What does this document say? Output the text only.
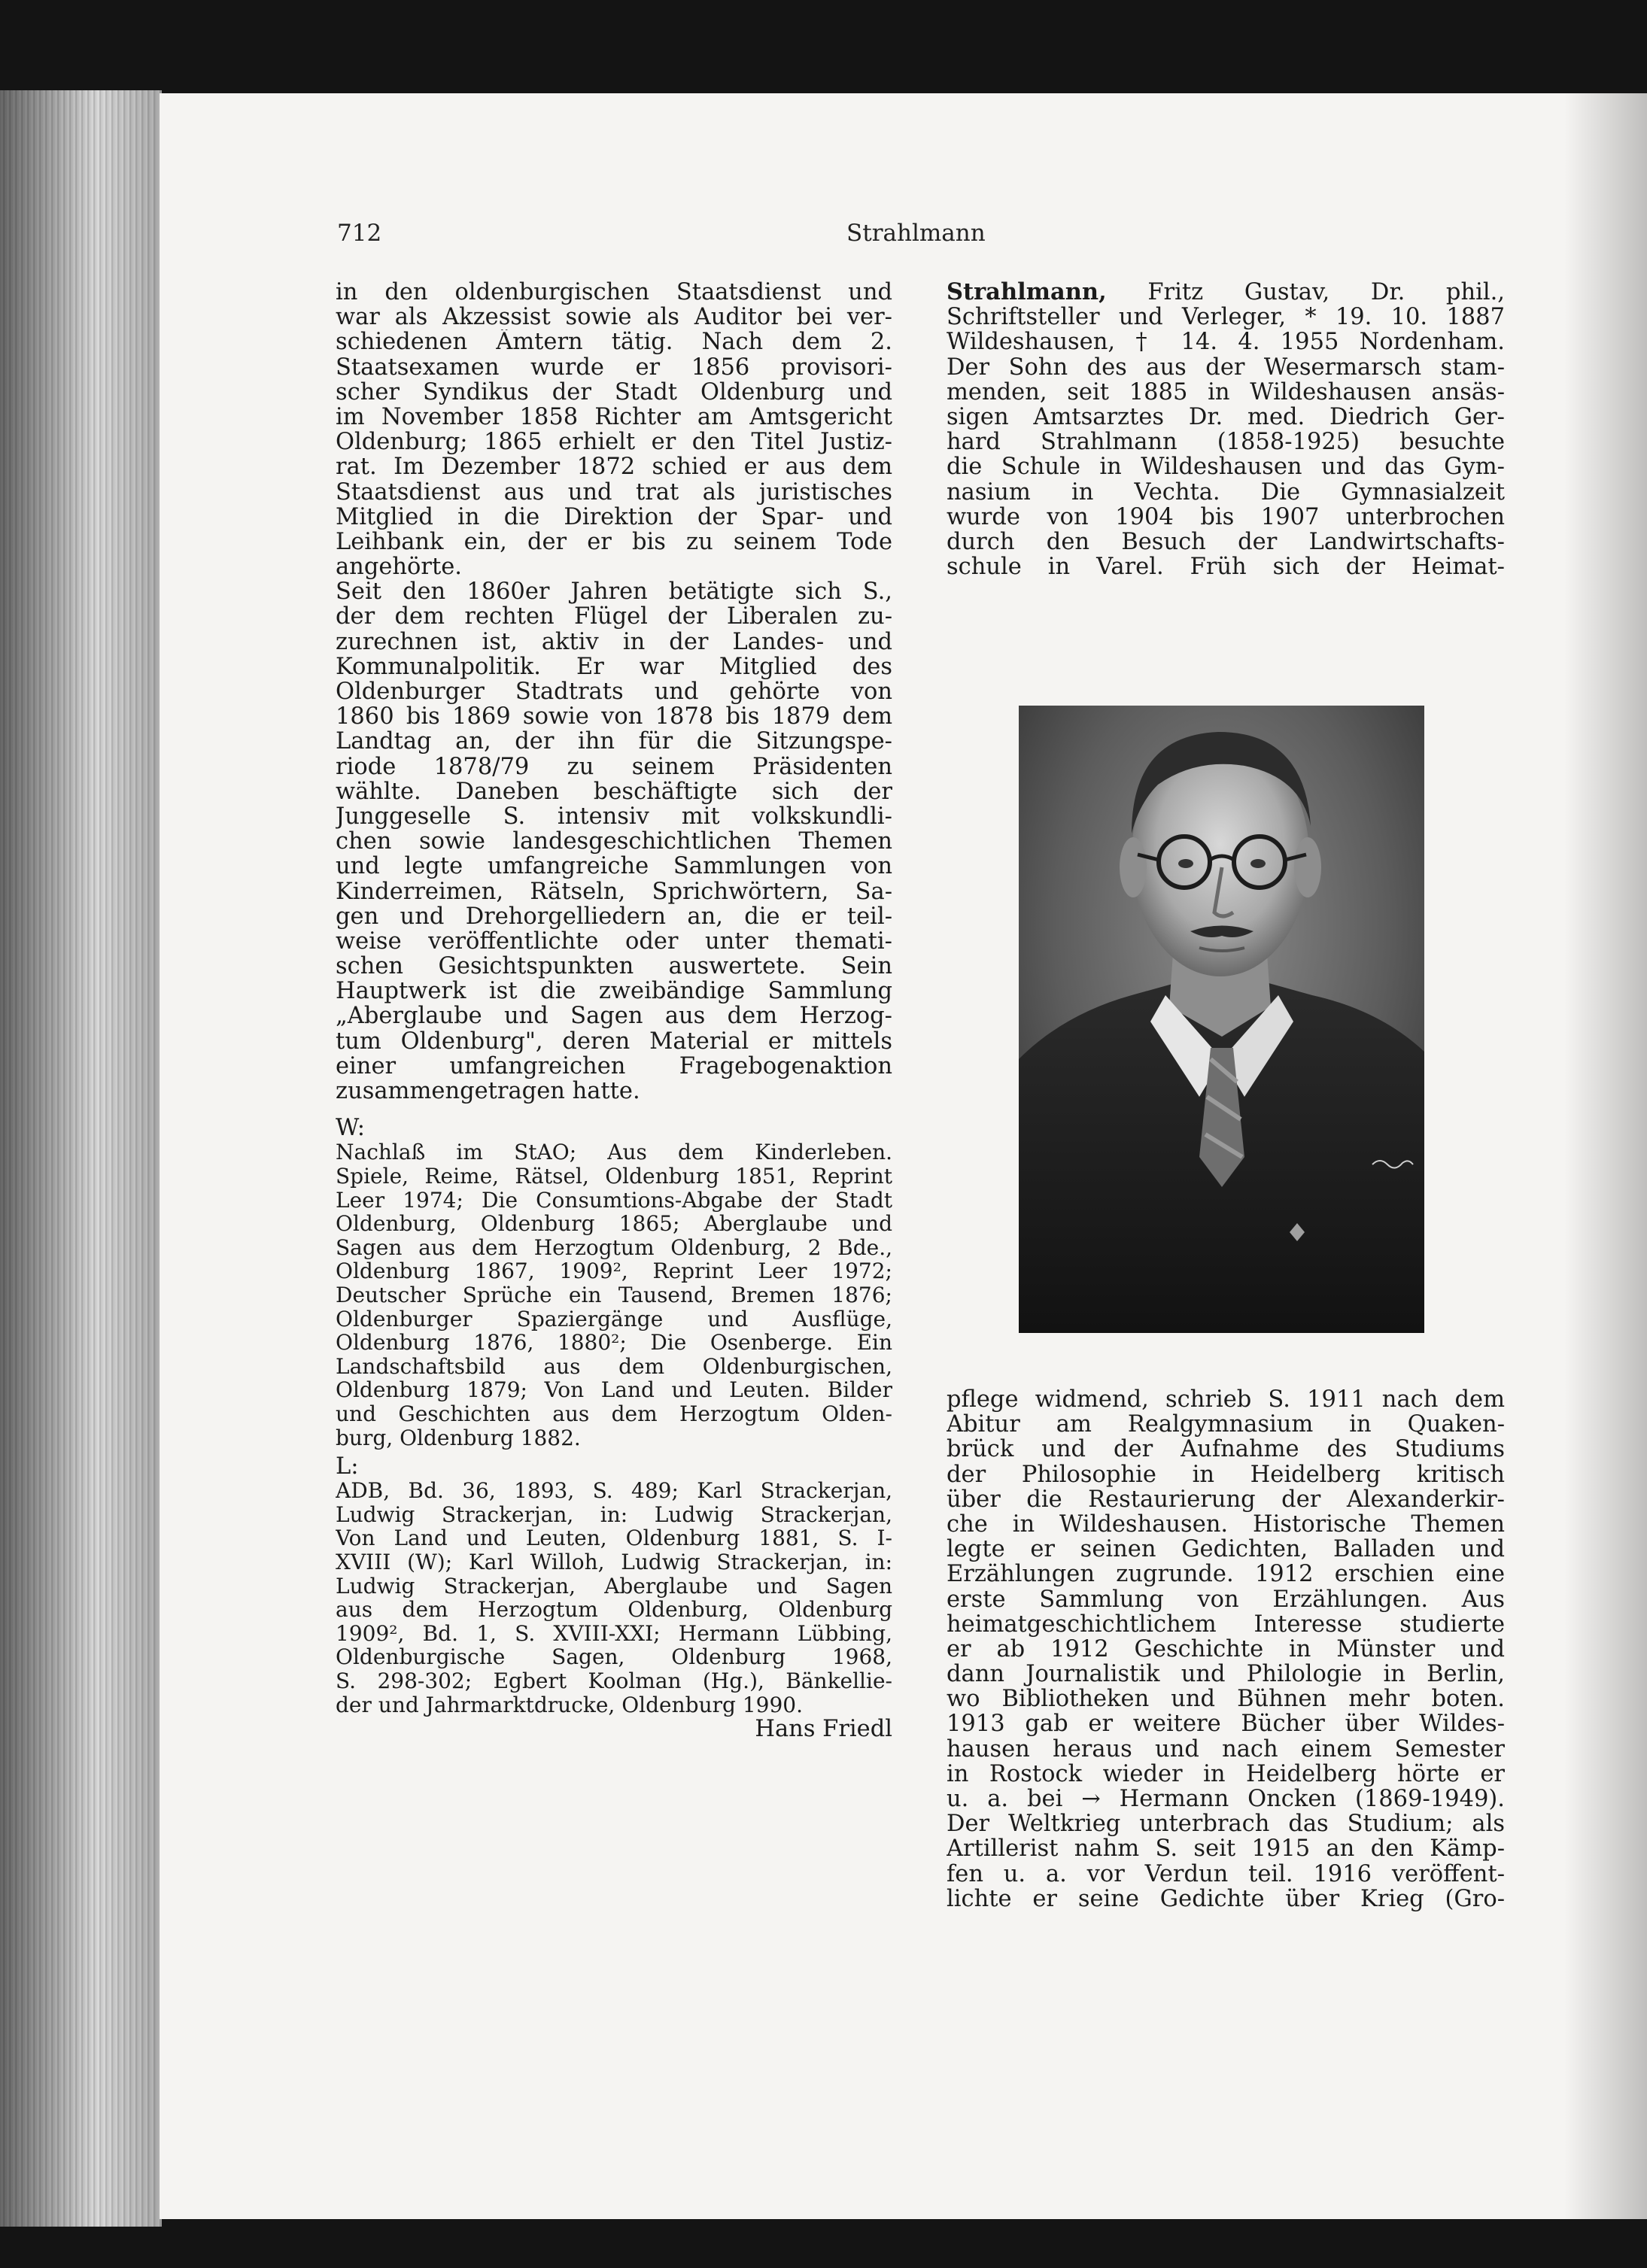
712	Strahlmann
in den oldenburgischen Staatsdienst und
war als Akzessist sowie als Auditor bei ver-
schiedenen Ämtern tätig. Nach dem 2.
Staatsexamen wurde er 1856 provisori-
scher Syndikus der Stadt Oldenburg und
im November 1858 Richter am Amtsgericht
Oldenburg; 1865 erhielt er den Titel Justiz-
rat. Im Dezember 1872 schied er aus dem
Staatsdienst aus und trat als juristisches
Mitglied in die Direktion der Spar- und
Leihbank ein, der er bis zu seinem Tode
angehörte.
Seit den 1860er Jahren betätigte sich S.,
der dem rechten Flügel der Liberalen zu-
zurechnen ist, aktiv in der Landes- und
Kommunalpolitik. Er war Mitglied des
Oldenburger Stadtrats und gehörte von
1860 bis 1869 sowie von 1878 bis 1879 dem
Landtag an, der ihn für die Sitzungspe-
riode 1878/79 zu seinem Präsidenten
wählte. Daneben beschäftigte sich der
Junggeselle S. intensiv mit volkskundli-
chen sowie landesgeschichtlichen Themen
und legte umfangreiche Sammlungen von
Kinderreimen, Rätseln, Sprichwörtern, Sa-
gen und Drehorgelliedern an, die er teil-
weise veröffentlichte oder unter themati-
schen Gesichtspunkten auswertete. Sein
Hauptwerk ist die zweibändige Sammlung
„Aberglaube und Sagen aus dem Herzog-
tum Oldenburg", deren Material er mittels
einer umfangreichen Fragebogenaktion
zusammengetragen hatte.
W:
Nachlaß im StAO; Aus dem Kinderleben.
Spiele, Reime, Rätsel, Oldenburg 1851, Reprint
Leer 1974; Die Consumtions-Abgabe der Stadt
Oldenburg, Oldenburg 1865; Aberglaube und
Sagen aus dem Herzogtum Oldenburg, 2 Bde.,
Oldenburg 1867, 1909², Reprint Leer 1972;
Deutscher Sprüche ein Tausend, Bremen 1876;
Oldenburger Spaziergänge und Ausflüge,
Oldenburg 1876, 1880²; Die Osenberge. Ein
Landschaftsbild aus dem Oldenburgischen,
Oldenburg 1879; Von Land und Leuten. Bilder
und Geschichten aus dem Herzogtum Olden-
burg, Oldenburg 1882.
L:
ADB, Bd. 36, 1893, S. 489; Karl Strackerjan,
Ludwig Strackerjan, in: Ludwig Strackerjan,
Von Land und Leuten, Oldenburg 1881, S. I-
XVIII (W); Karl Willoh, Ludwig Strackerjan, in:
Ludwig Strackerjan, Aberglaube und Sagen
aus dem Herzogtum Oldenburg, Oldenburg
1909², Bd. 1, S. XVIII-XXI; Hermann Lübbing,
Oldenburgische Sagen, Oldenburg 1968,
S. 298-302; Egbert Koolman (Hg.), Bänkellie-
der und Jahrmarktdrucke, Oldenburg 1990.
Hans Friedl
Strahlmann, Fritz Gustav, Dr. phil.,
Schriftsteller und Verleger, * 19. 10. 1887
Wildeshausen, † 14. 4. 1955 Nordenham.
Der Sohn des aus der Wesermarsch stam-
menden, seit 1885 in Wildeshausen ansäs-
sigen Amtsarztes Dr. med. Diedrich Ger-
hard Strahlmann (1858-1925) besuchte
die Schule in Wildeshausen und das Gym-
nasium in Vechta. Die Gymnasialzeit
wurde von 1904 bis 1907 unterbrochen
durch den Besuch der Landwirtschafts-
schule in Varel. Früh sich der Heimat-
pflege widmend, schrieb S. 1911 nach dem
Abitur am Realgymnasium in Quaken-
brück und der Aufnahme des Studiums
der Philosophie in Heidelberg kritisch
über die Restaurierung der Alexanderkir-
che in Wildeshausen. Historische Themen
legte er seinen Gedichten, Balladen und
Erzählungen zugrunde. 1912 erschien eine
erste Sammlung von Erzählungen. Aus
heimatgeschichtlichem Interesse studierte
er ab 1912 Geschichte in Münster und
dann Journalistik und Philologie in Berlin,
wo Bibliotheken und Bühnen mehr boten.
1913 gab er weitere Bücher über Wildes-
hausen heraus und nach einem Semester
in Rostock wieder in Heidelberg hörte er
u. a. bei → Hermann Oncken (1869-1949).
Der Weltkrieg unterbrach das Studium; als
Artillerist nahm S. seit 1915 an den Kämp-
fen u. a. vor Verdun teil. 1916 veröffent-
lichte er seine Gedichte über Krieg (Gro-
